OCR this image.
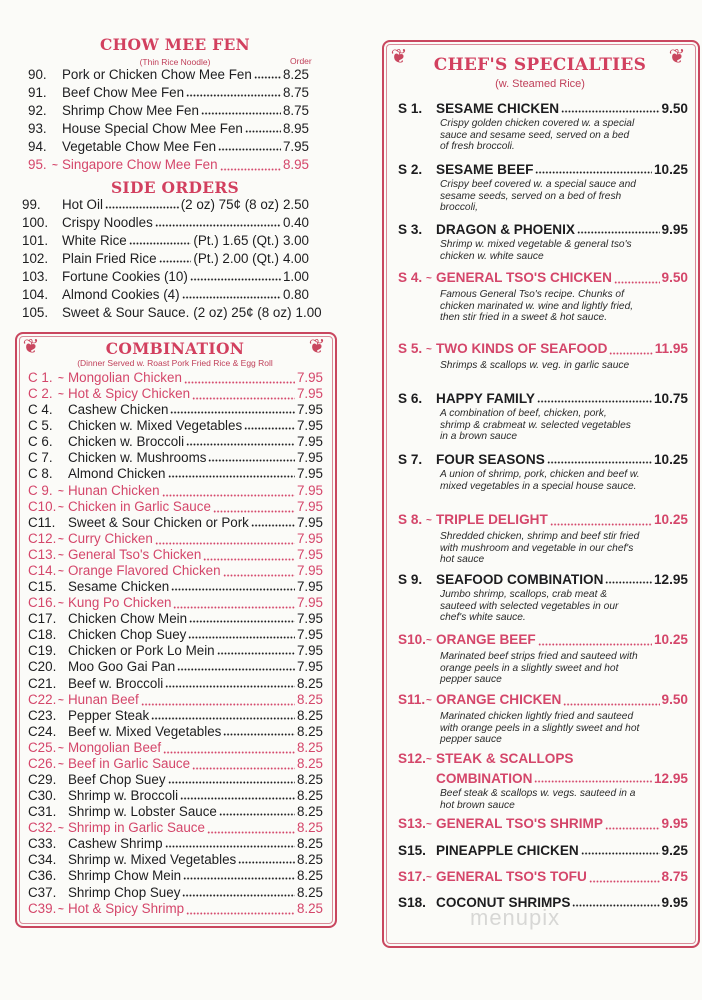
CHOW MEE FEN
(Thin Rice Noodle)	Order
90.	Pork or Chicken Chow Mee Fen 8.25
91.	Beef Chow Mee Fen	8.75
92.	Shrimp Chow Mee Fen	8.75
93.	House Special Chow Mee Fen	8.95
94.	Vegetable Chow Mee Fen	7.95
95. ~	Singapore Chow Mee Fen	8.95
SIDE ORDERS
99.	Hot Oil	(2 oz) 75¢ (8 oz) 2.50
100.	Crispy Noodles	0.40
101.	White Rice	(Pt.) 1.65 (Qt.) 3.00
102.	Plain Fried Rice	(Pt.) 2.00 (Qt.) 4.00
103.	Fortune Cookies (10)	1.00
104.	Almond Cookies (4)	0.80
105.	Sweet & Sour Sauce. (2 oz) 25¢ (8 oz) 1.00
❦	❦
COMBINATION
(Dinner Served w. Roast Pork Fried Rice & Egg Roll
C 1. ~	Mongolian Chicken	7.95
C 2. ~	Hot & Spicy Chicken	7.95
C 4.	Cashew Chicken	7.95
C 5.	Chicken w. Mixed Vegetables	7.95
C 6.	Chicken w. Broccoli	7.95
C 7.	Chicken w. Mushrooms	7.95
C 8.	Almond Chicken	7.95
C 9. ~	Hunan Chicken	7.95
C10. ~ Chicken in Garlic Sauce	7.95
C11. Sweet & Sour Chicken or Pork	7.95
C12. ~ Curry Chicken	7.95
C13. ~ General Tso's Chicken	7.95
C14. ~ Orange Flavored Chicken	7.95
C15. Sesame Chicken	7.95
C16. ~ Kung Po Chicken	7.95
C17. Chicken Chow Mein	7.95
C18. Chicken Chop Suey	7.95
C19. Chicken or Pork Lo Mein	7.95
C20. Moo Goo Gai Pan	7.95
C21. Beef w. Broccoli	8.25
C22. ~ Hunan Beef	8.25
C23. Pepper Steak	8.25
C24. Beef w. Mixed Vegetables	8.25
C25. ~ Mongolian Beef	8.25
C26. ~ Beef in Garlic Sauce	8.25
C29. Beef Chop Suey	8.25
C30. Shrimp w. Broccoli	8.25
C31. Shrimp w. Lobster Sauce	8.25
C32. ~ Shrimp in Garlic Sauce	8.25
C33. Cashew Shrimp	8.25
C34. Shrimp w. Mixed Vegetables	8.25
C36. Shrimp Chow Mein	8.25
C37. Shrimp Chop Suey	8.25
C39. ~ Hot & Spicy Shrimp	8.25
❦	❦
CHEF'S SPECIALTIES
(w. Steamed Rice)
S 1.	SESAME CHICKEN	9.50
Crispy golden chicken covered w. a special sauce and sesame seed, served on a bed of fresh broccoli.
S 2.	SESAME BEEF	10.25
Crispy beef covered w. a special sauce and sesame seeds, served on a bed of fresh broccoli,
S 3.	DRAGON & PHOENIX	9.95
Shrimp w. mixed vegetable & general tso's chicken w. white sauce
S 4. ~ GENERAL TSO'S CHICKEN	9.50
Famous General Tso's recipe. Chunks of chicken marinated w. wine and lightly fried, then stir fried in a sweet & hot sauce.
S 5. ~ TWO KINDS OF SEAFOOD	11.95
Shrimps & scallops w. veg. in garlic sauce
S 6.	HAPPY FAMILY	10.75
A combination of beef, chicken, pork, shrimp & crabmeat w. selected vegetables in a brown sauce
S 7.	FOUR SEASONS	10.25
A union of shrimp, pork, chicken and beef w. mixed vegetables in a special house sauce.
S 8. ~ TRIPLE DELIGHT	10.25
Shredded chicken, shrimp and beef stir fried with mushroom and vegetable in our chef's hot sauce
S 9.	SEAFOOD COMBINATION	12.95
Jumbo shrimp, scallops, crab meat & sauteed with selected vegetables in our chef's white sauce.
S10. ~ ORANGE BEEF	10.25
Marinated beef strips fried and sauteed with orange peels in a slightly sweet and hot pepper sauce
S11. ~ ORANGE CHICKEN	9.50
Marinated chicken lightly fried and sauteed with orange peels in a slightly sweet and hot pepper sauce
S12. ~ STEAK & SCALLOPS
COMBINATION	12.95
Beef steak & scallops w. vegs. sauteed in a hot brown sauce
S13. ~ GENERAL TSO'S SHRIMP	9.95
S15. PINEAPPLE CHICKEN	9.25
S17. ~ GENERAL TSO'S TOFU	8.75
S18. COCONUT SHRIMPS	9.95
menupix
